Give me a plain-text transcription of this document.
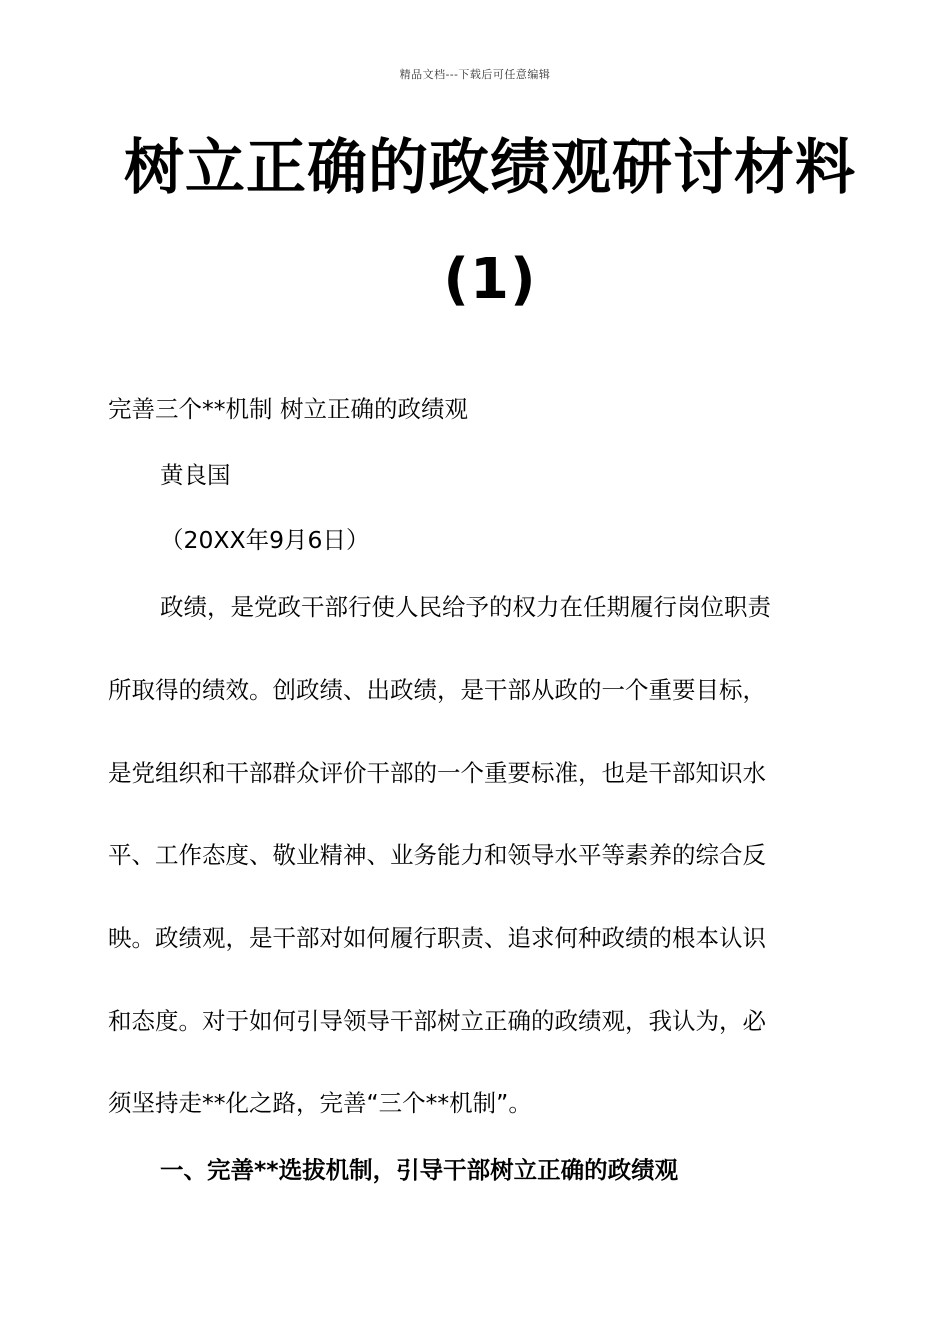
精品文档---下载后可任意编辑
树立正确的政绩观研讨材料
(1)
完善三个**机制 树立正确的政绩观
黄良国
（20XX年9月6日）
政绩，是党政干部行使人民给予的权力在任期履行岗位职责
所取得的绩效。创政绩、出政绩，是干部从政的一个重要目标，
是党组织和干部群众评价干部的一个重要标准，也是干部知识水
平、工作态度、敬业精神、业务能力和领导水平等素养的综合反
映。政绩观，是干部对如何履行职责、追求何种政绩的根本认识
和态度。对于如何引导领导干部树立正确的政绩观，我认为，必
须坚持走**化之路，完善“三个**机制”。
一、完善**选拔机制，引导干部树立正确的政绩观
